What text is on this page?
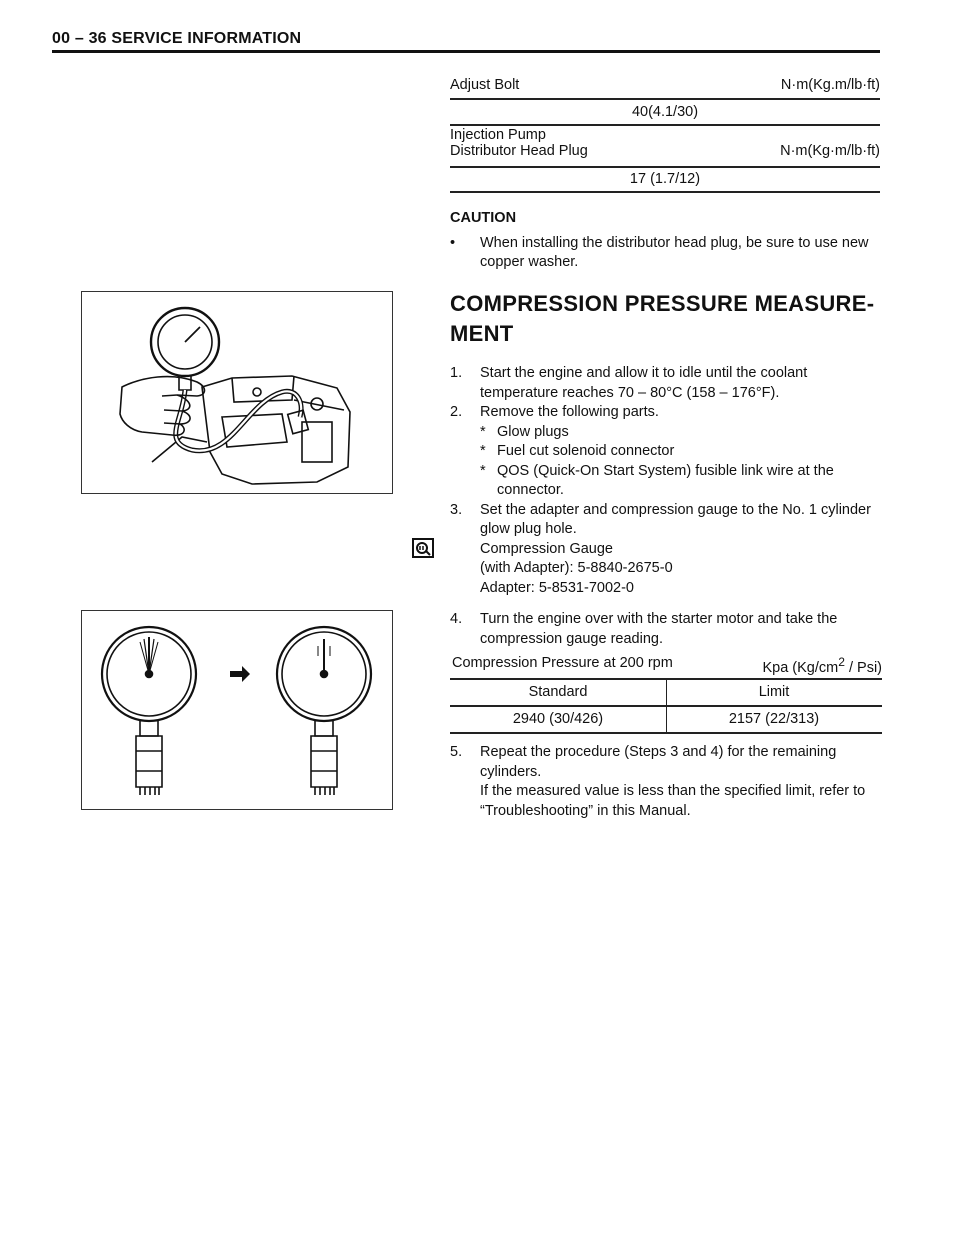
00 – 36 SERVICE INFORMATION
Adjust Bolt	N·m(Kg.m/lb·ft)
40(4.1/30)
Injection Pump
Distributor Head Plug	N·m(Kg·m/lb·ft)
17 (1.7/12)
CAUTION
•	When installing the distributor head plug, be sure to use new copper washer.
COMPRESSION PRESSURE MEASURE-
MENT
1. Start the engine and allow it to idle until the coolant temperature reaches 70 – 80°C (158 – 176°F).
2. Remove the following parts.
* Glow plugs
* Fuel cut solenoid connector
* QOS (Quick-On Start System) fusible link wire at the connector.
3. Set the adapter and compression gauge to the No. 1 cylinder glow plug hole.
Compression Gauge
(with Adapter): 5-8840-2675-0
Adapter: 5-8531-7002-0
4. Turn the engine over with the starter motor and take the compression gauge reading.
Compression Pressure at 200 rpm	Kpa $(Kg/cm^2 / Psi)$
Standard	Limit
2940 (30/426)	2157 (22/313)
5. Repeat the procedure (Steps 3 and 4) for the remaining cylinders.
If the measured value is less than the specified limit, refer to “Troubleshooting” in this Manual.
